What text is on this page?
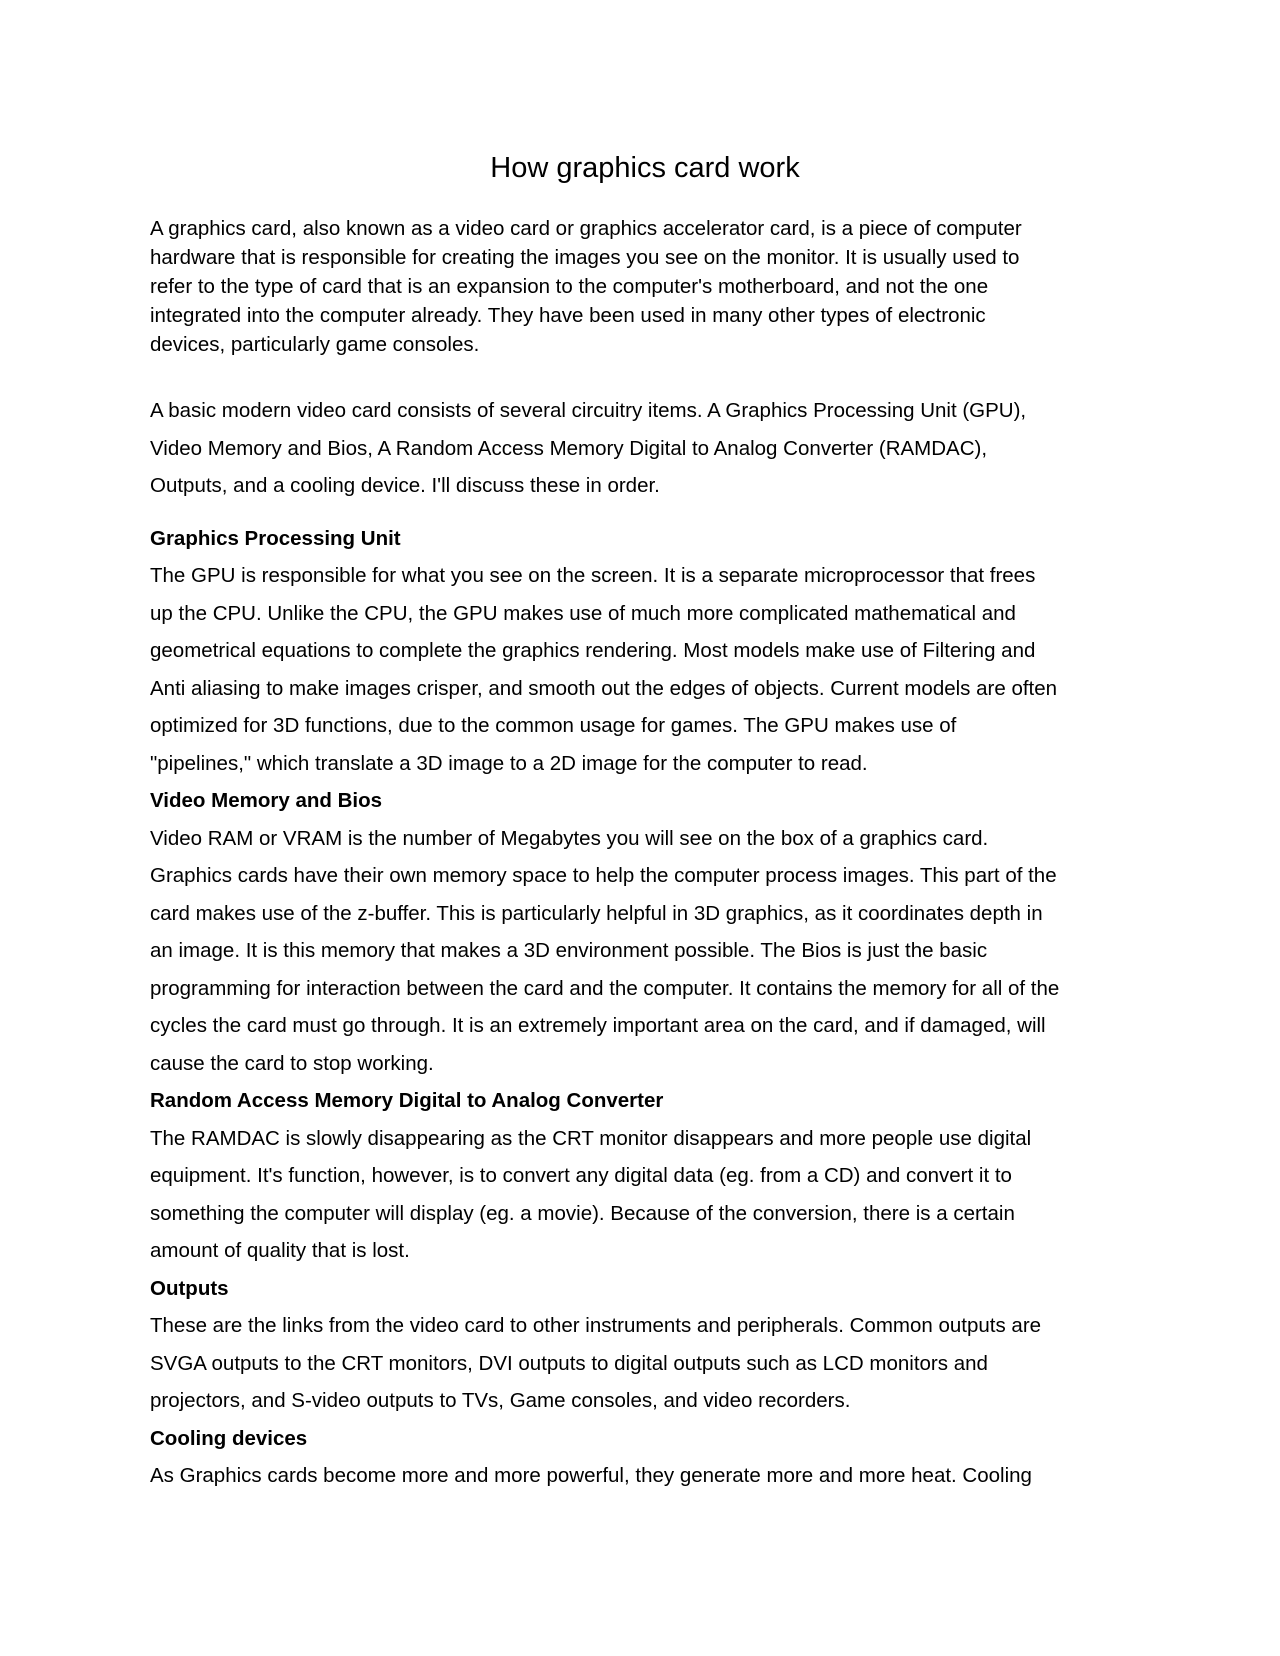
How graphics card work

A graphics card, also known as a video card or graphics accelerator card, is a piece of computer
hardware that is responsible for creating the images you see on the monitor. It is usually used to
refer to the type of card that is an expansion to the computer's motherboard, and not the one
integrated into the computer already. They have been used in many other types of electronic
devices, particularly game consoles.

A basic modern video card consists of several circuitry items. A Graphics Processing Unit (GPU),
Video Memory and Bios, A Random Access Memory Digital to Analog Converter (RAMDAC),
Outputs, and a cooling device. I'll discuss these in order.

Graphics Processing Unit

The GPU is responsible for what you see on the screen. It is a separate microprocessor that frees
up the CPU. Unlike the CPU, the GPU makes use of much more complicated mathematical and
geometrical equations to complete the graphics rendering. Most models make use of Filtering and
Anti aliasing to make images crisper, and smooth out the edges of objects. Current models are often
optimized for 3D functions, due to the common usage for games. The GPU makes use of
"pipelines," which translate a 3D image to a 2D image for the computer to read.

Video Memory and Bios

Video RAM or VRAM is the number of Megabytes you will see on the box of a graphics card.
Graphics cards have their own memory space to help the computer process images. This part of the
card makes use of the z-buffer. This is particularly helpful in 3D graphics, as it coordinates depth in
an image. It is this memory that makes a 3D environment possible. The Bios is just the basic
programming for interaction between the card and the computer. It contains the memory for all of the
cycles the card must go through. It is an extremely important area on the card, and if damaged, will
cause the card to stop working.

Random Access Memory Digital to Analog Converter

The RAMDAC is slowly disappearing as the CRT monitor disappears and more people use digital
equipment. It's function, however, is to convert any digital data (eg. from a CD) and convert it to
something the computer will display (eg. a movie). Because of the conversion, there is a certain
amount of quality that is lost.

Outputs

These are the links from the video card to other instruments and peripherals. Common outputs are
SVGA outputs to the CRT monitors, DVI outputs to digital outputs such as LCD monitors and
projectors, and S-video outputs to TVs, Game consoles, and video recorders.

Cooling devices

As Graphics cards become more and more powerful, they generate more and more heat. Cooling
